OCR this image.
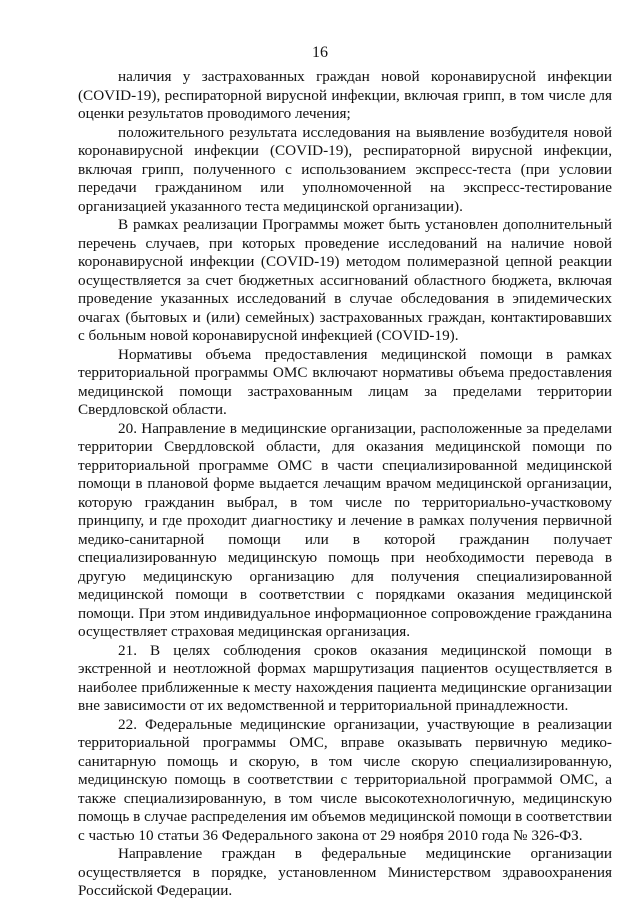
16

наличия у застрахованных граждан новой коронавирусной инфекции (COVID-19), респираторной вирусной инфекции, включая грипп, в том числе для оценки результатов проводимого лечения;

положительного результата исследования на выявление возбудителя новой коронавирусной инфекции (COVID-19), респираторной вирусной инфекции, включая грипп, полученного с использованием экспресс-теста (при условии передачи гражданином или уполномоченной на экспресс-тестирование организацией указанного теста медицинской организации).

В рамках реализации Программы может быть установлен дополнительный перечень случаев, при которых проведение исследований на наличие новой коронавирусной инфекции (COVID-19) методом полимеразной цепной реакции осуществляется за счет бюджетных ассигнований областного бюджета, включая проведение указанных исследований в случае обследования в эпидемических очагах (бытовых и (или) семейных) застрахованных граждан, контактировавших с больным новой коронавирусной инфекцией (COVID-19).

Нормативы объема предоставления медицинской помощи в рамках территориальной программы ОМС включают нормативы объема предоставления медицинской помощи застрахованным лицам за пределами территории Свердловской области.

20. Направление в медицинские организации, расположенные за пределами территории Свердловской области, для оказания медицинской помощи по территориальной программе ОМС в части специализированной медицинской помощи в плановой форме выдается лечащим врачом медицинской организации, которую гражданин выбрал, в том числе по территориально-участковому принципу, и где проходит диагностику и лечение в рамках получения первичной медико-санитарной помощи или в которой гражданин получает специализированную медицинскую помощь при необходимости перевода в другую медицинскую организацию для получения специализированной медицинской помощи в соответствии с порядками оказания медицинской помощи. При этом индивидуальное информационное сопровождение гражданина осуществляет страховая медицинская организация.

21. В целях соблюдения сроков оказания медицинской помощи в экстренной и неотложной формах маршрутизация пациентов осуществляется в наиболее приближенные к месту нахождения пациента медицинские организации вне зависимости от их ведомственной и территориальной принадлежности.

22. Федеральные медицинские организации, участвующие в реализации территориальной программы ОМС, вправе оказывать первичную медико-санитарную помощь и скорую, в том числе скорую специализированную, медицинскую помощь в соответствии с территориальной программой ОМС, а также специализированную, в том числе высокотехнологичную, медицинскую помощь в случае распределения им объемов медицинской помощи в соответствии с частью 10 статьи 36 Федерального закона от 29 ноября 2010 года № 326-ФЗ.

Направление граждан в федеральные медицинские организации осуществляется в порядке, установленном Министерством здравоохранения Российской Федерации.
